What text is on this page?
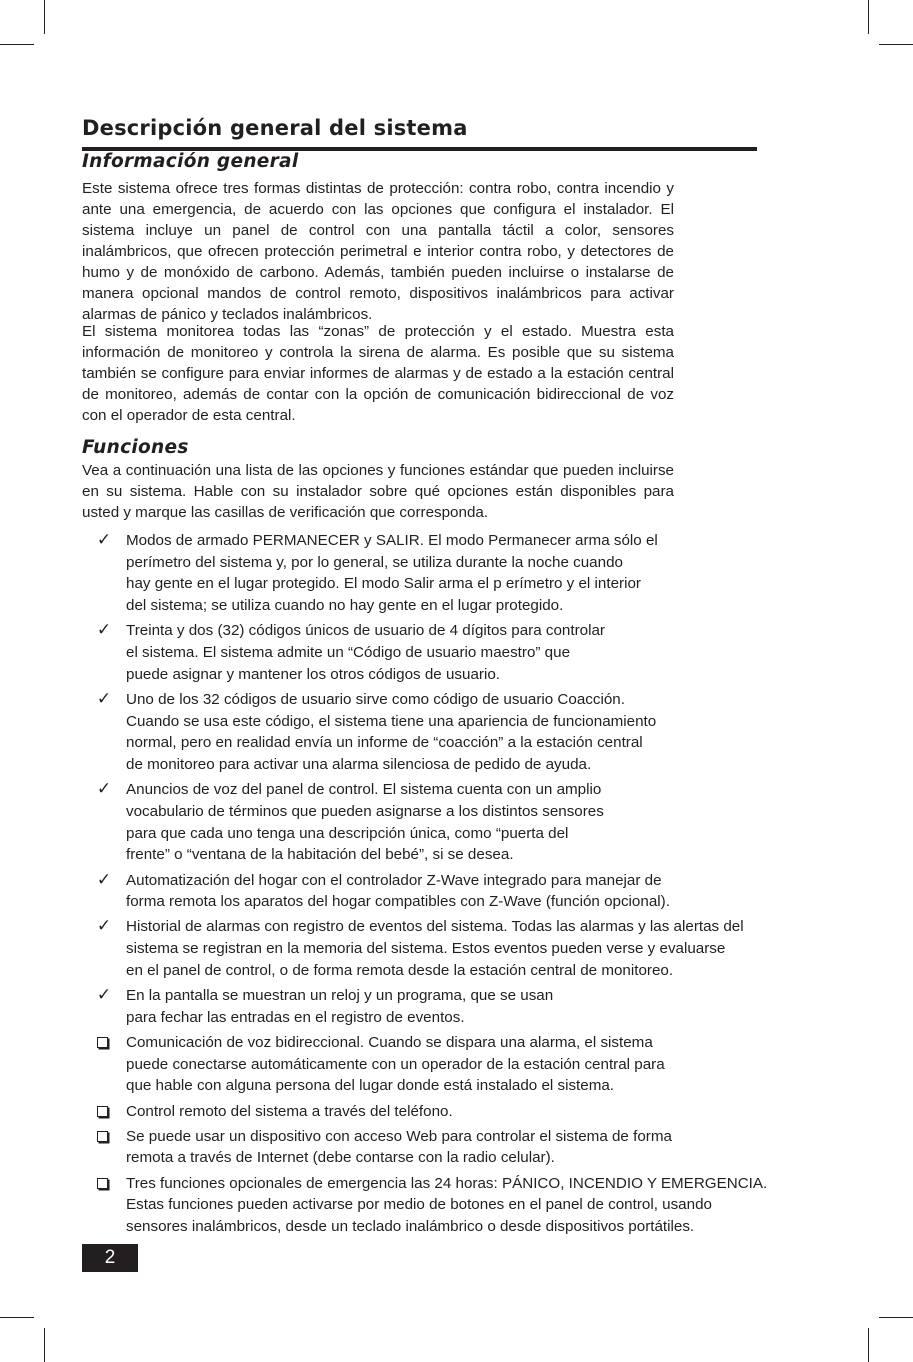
Descripción general del sistema
Información general

Este sistema ofrece tres formas distintas de protección: contra robo, contra incendio y ante una emergencia, de acuerdo con las opciones que configura el instalador. El sistema incluye un panel de control con una pantalla táctil a color, sensores inalámbricos, que ofrecen protección perimetral e interior contra robo, y detectores de humo y de monóxido de carbono. Además, también pueden incluirse o instalarse de manera opcional mandos de control remoto, dispositivos inalámbricos para activar alarmas de pánico y teclados inalámbricos.

El sistema monitorea todas las “zonas” de protección y el estado. Muestra esta información de monitoreo y controla la sirena de alarma. Es posible que su sistema también se configure para enviar informes de alarmas y de estado a la estación central de monitoreo, además de contar con la opción de comunicación bidireccional de voz con el operador de esta central.

Funciones

Vea a continuación una lista de las opciones y funciones estándar que pueden incluirse en su sistema. Hable con su instalador sobre qué opciones están disponibles para usted y marque las casillas de verificación que corresponda.

✓ Modos de armado PERMANECER y SALIR. El modo Permanecer arma sólo el
perímetro del sistema y, por lo general, se utiliza durante la noche cuando
hay gente en el lugar protegido. El modo Salir arma el p erímetro y el interior
del sistema; se utiliza cuando no hay gente en el lugar protegido.
✓ Treinta y dos (32) códigos únicos de usuario de 4 dígitos para controlar
el sistema. El sistema admite un “Código de usuario maestro” que
puede asignar y mantener los otros códigos de usuario.
✓ Uno de los 32 códigos de usuario sirve como código de usuario Coacción.
Cuando se usa este código, el sistema tiene una apariencia de funcionamiento
normal, pero en realidad envía un informe de “coacción” a la estación central
de monitoreo para activar una alarma silenciosa de pedido de ayuda.
✓ Anuncios de voz del panel de control. El sistema cuenta con un amplio
vocabulario de términos que pueden asignarse a los distintos sensores
para que cada uno tenga una descripción única, como “puerta del
frente” o “ventana de la habitación del bebé”, si se desea.
✓ Automatización del hogar con el controlador Z-Wave integrado para manejar de
forma remota los aparatos del hogar compatibles con Z-Wave (función opcional).
✓ Historial de alarmas con registro de eventos del sistema. Todas las alarmas y las alertas del
sistema se registran en la memoria del sistema. Estos eventos pueden verse y evaluarse
en el panel de control, o de forma remota desde la estación central de monitoreo.
✓ En la pantalla se muestran un reloj y un programa, que se usan
para fechar las entradas en el registro de eventos.
Comunicación de voz bidireccional. Cuando se dispara una alarma, el sistema
puede conectarse automáticamente con un operador de la estación central para
que hable con alguna persona del lugar donde está instalado el sistema.
Control remoto del sistema a través del teléfono.
Se puede usar un dispositivo con acceso Web para controlar el sistema de forma
remota a través de Internet (debe contarse con la radio celular).
Tres funciones opcionales de emergencia las 24 horas: PÁNICO, INCENDIO Y EMERGENCIA.
Estas funciones pueden activarse por medio de botones en el panel de control, usando
sensores inalámbricos, desde un teclado inalámbrico o desde dispositivos portátiles.
2
